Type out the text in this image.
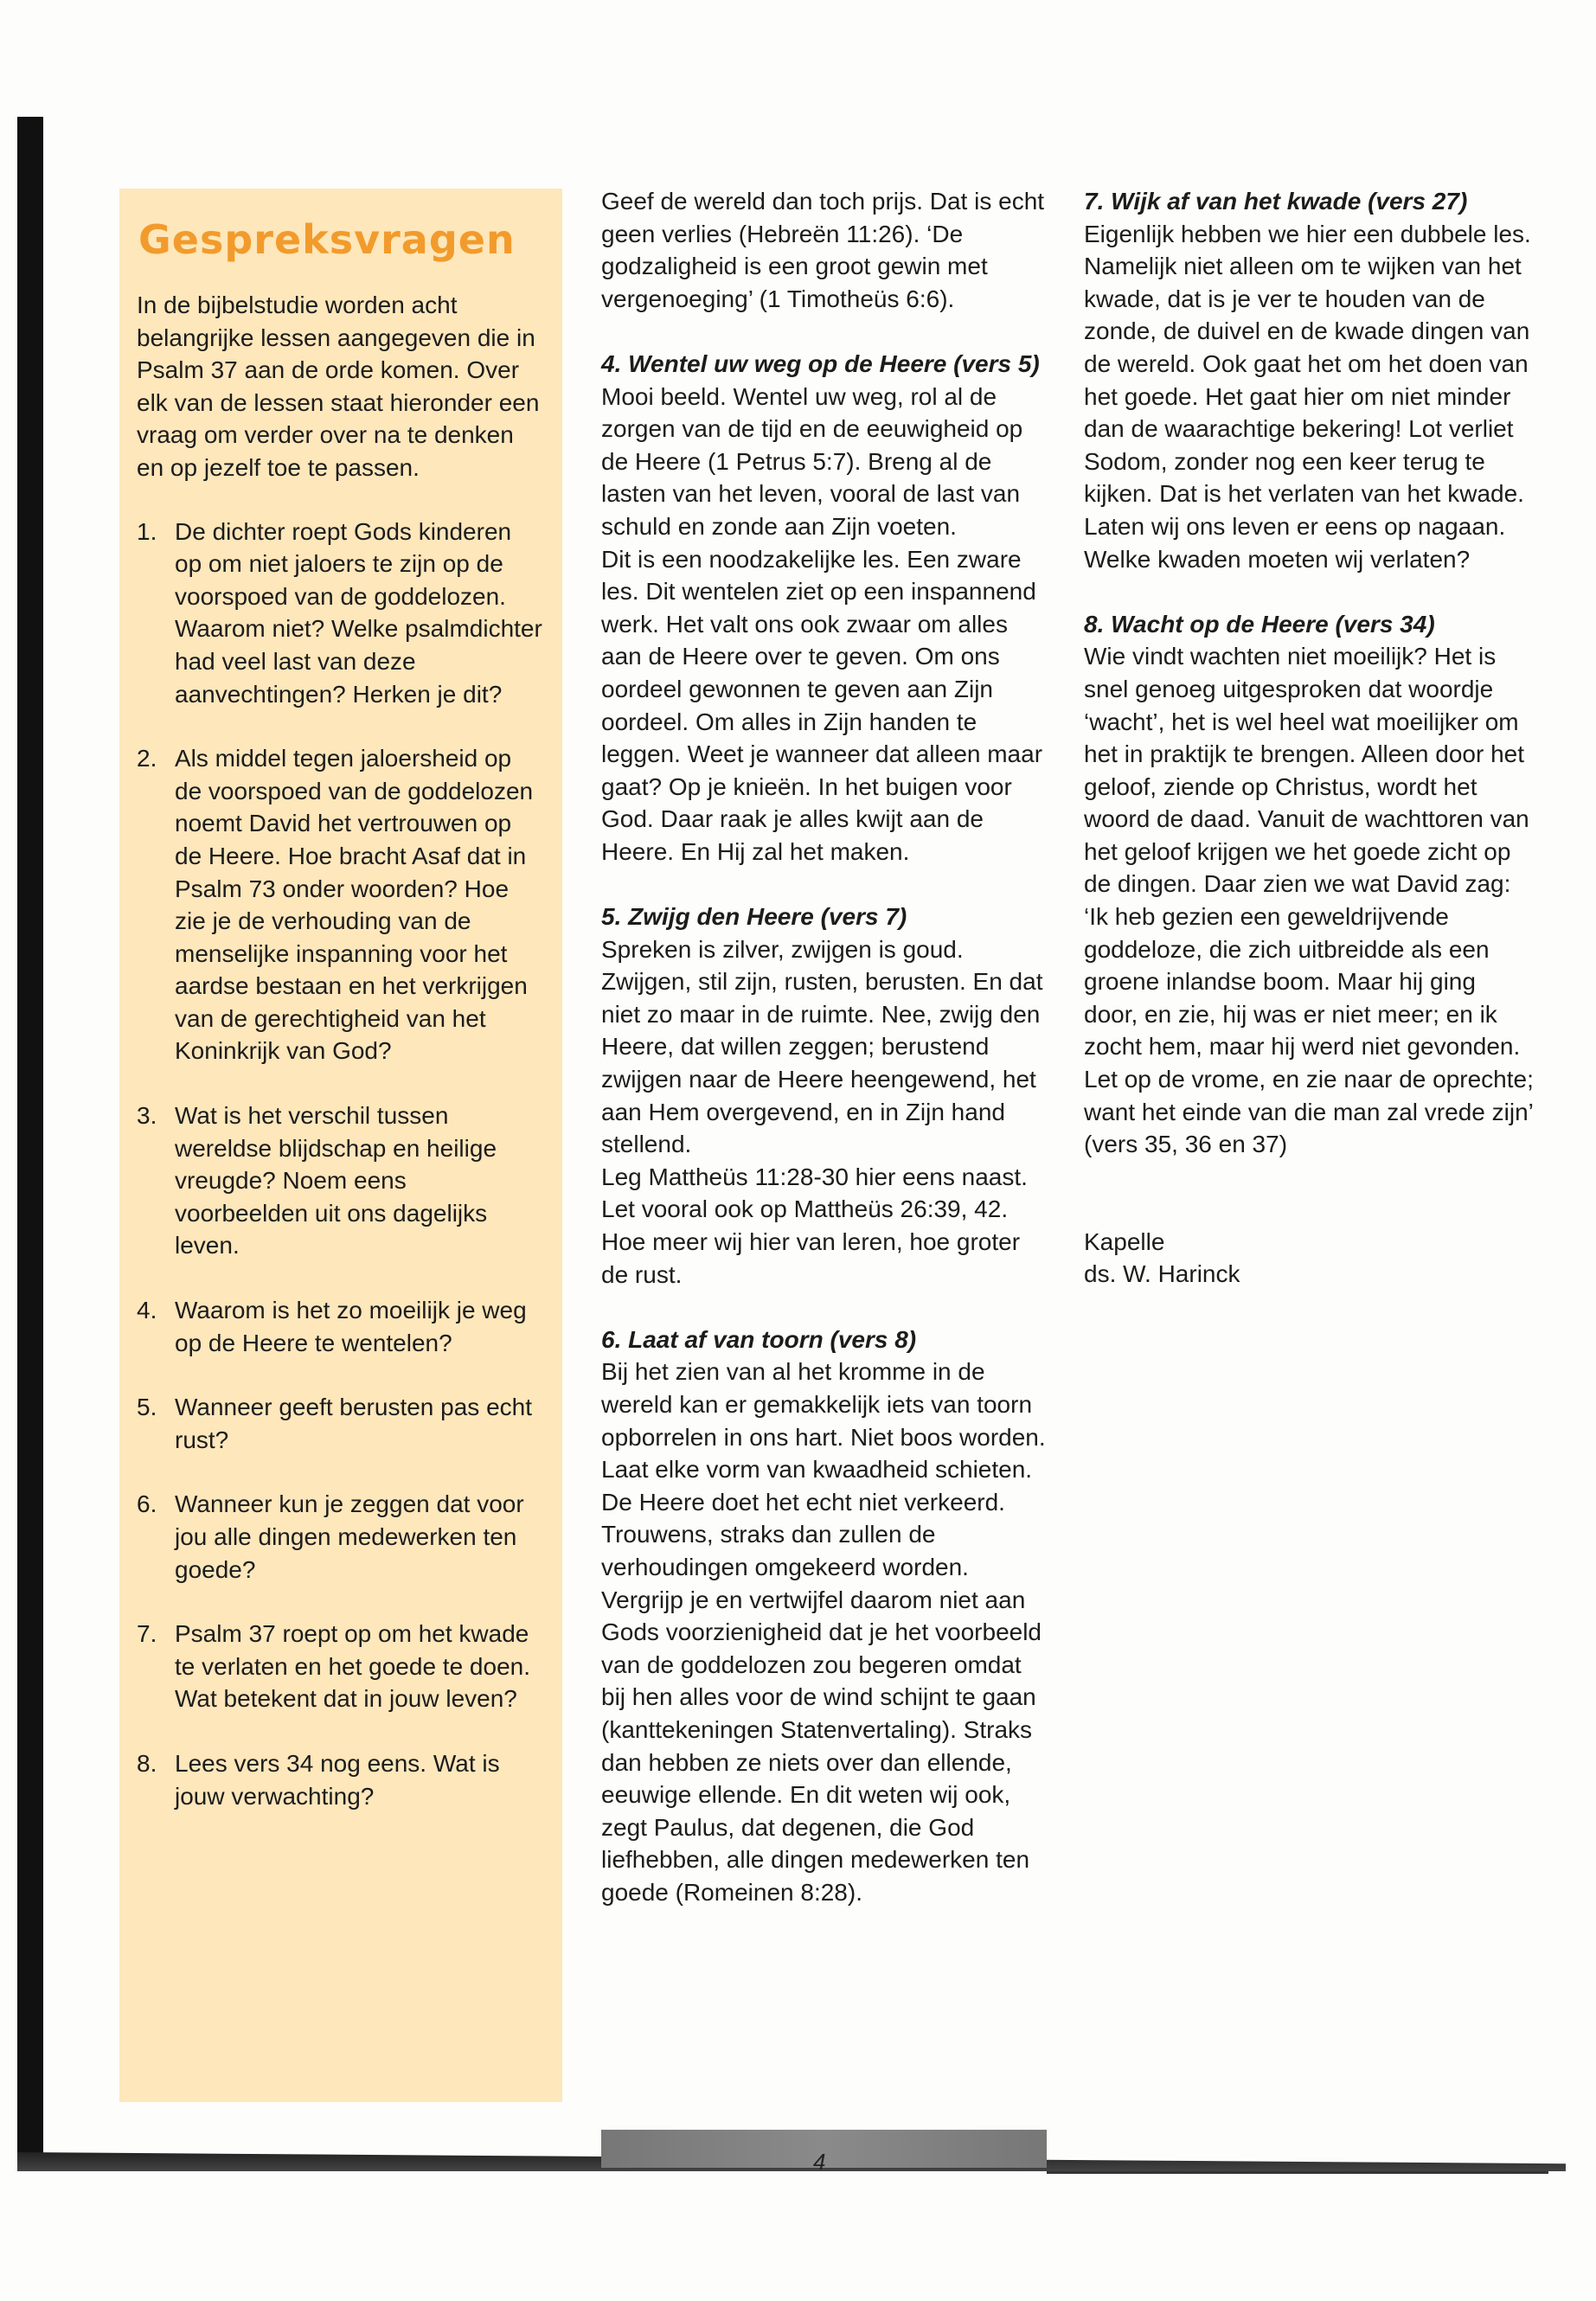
Gespreksvragen

In de bijbelstudie worden acht belangrijke lessen aangegeven die in Psalm 37 aan de orde komen. Over elk van de lessen staat hieronder een vraag om verder over na te denken en op jezelf toe te passen.

1. De dichter roept Gods kinderen op om niet jaloers te zijn op de voorspoed van de goddelozen. Waarom niet? Welke psalmdichter had veel last van deze aanvechtingen? Herken je dit?
2. Als middel tegen jaloersheid op de voorspoed van de goddelozen noemt David het vertrouwen op de Heere. Hoe bracht Asaf dat in Psalm 73 onder woorden? Hoe zie je de verhouding van de menselijke inspanning voor het aardse bestaan en het verkrijgen van de gerechtigheid van het Koninkrijk van God?
3. Wat is het verschil tussen wereldse blijdschap en heilige vreugde? Noem eens voorbeelden uit ons dagelijks leven.
4. Waarom is het zo moeilijk je weg op de Heere te wentelen?
5. Wanneer geeft berusten pas echt rust?
6. Wanneer kun je zeggen dat voor jou alle dingen medewerken ten goede?
7. Psalm 37 roept op om het kwade te verlaten en het goede te doen. Wat betekent dat in jouw leven?
8. Lees vers 34 nog eens. Wat is jouw verwachting?

Geef de wereld dan toch prijs. Dat is echt geen verlies (Hebreën 11:26). ‘De godzaligheid is een groot gewin met vergenoeging’ (1 Timotheüs 6:6).

4. Wentel uw weg op de Heere (vers 5)

Mooi beeld. Wentel uw weg, rol al de zorgen van de tijd en de eeuwigheid op de Heere (1 Petrus 5:7). Breng al de lasten van het leven, vooral de last van schuld en zonde aan Zijn voeten.

Dit is een noodzakelijke les. Een zware les. Dit wentelen ziet op een inspannend werk. Het valt ons ook zwaar om alles aan de Heere over te geven. Om ons oordeel gewonnen te geven aan Zijn oordeel. Om alles in Zijn handen te leggen. Weet je wanneer dat alleen maar gaat? Op je knieën. In het buigen voor God. Daar raak je alles kwijt aan de Heere. En Hij zal het maken.

5. Zwijg den Heere (vers 7)

Spreken is zilver, zwijgen is goud. Zwijgen, stil zijn, rusten, berusten. En dat niet zo maar in de ruimte. Nee, zwijg den Heere, dat willen zeggen; berustend zwijgen naar de Heere heengewend, het aan Hem overgevend, en in Zijn hand stellend.

Leg Mattheüs 11:28-30 hier eens naast. Let vooral ook op Mattheüs 26:39, 42. Hoe meer wij hier van leren, hoe groter de rust.

6. Laat af van toorn (vers 8)

Bij het zien van al het kromme in de wereld kan er gemakkelijk iets van toorn opborrelen in ons hart. Niet boos worden. Laat elke vorm van kwaadheid schieten. De Heere doet het echt niet verkeerd. Trouwens, straks dan zullen de verhoudingen omgekeerd worden. Vergrijp je en vertwijfel daarom niet aan Gods voorzienigheid dat je het voorbeeld van de goddelozen zou begeren omdat bij hen alles voor de wind schijnt te gaan (kanttekeningen Statenvertaling). Straks dan hebben ze niets over dan ellende, eeuwige ellende. En dit weten wij ook, zegt Paulus, dat degenen, die God liefhebben, alle dingen medewerken ten goede (Romeinen 8:28).

7. Wijk af van het kwade (vers 27)

Eigenlijk hebben we hier een dubbele les. Namelijk niet alleen om te wijken van het kwade, dat is je ver te houden van de zonde, de duivel en de kwade dingen van de wereld. Ook gaat het om het doen van het goede. Het gaat hier om niet minder dan de waarachtige bekering! Lot verliet Sodom, zonder nog een keer terug te kijken. Dat is het verlaten van het kwade. Laten wij ons leven er eens op nagaan. Welke kwaden moeten wij verlaten?

8. Wacht op de Heere (vers 34)

Wie vindt wachten niet moeilijk? Het is snel genoeg uitgesproken dat woordje ‘wacht’, het is wel heel wat moeilijker om het in praktijk te brengen. Alleen door het geloof, ziende op Christus, wordt het woord de daad. Vanuit de wachttoren van het geloof krijgen we het goede zicht op de dingen. Daar zien we wat David zag: ‘Ik heb gezien een geweldrijvende goddeloze, die zich uitbreidde als een groene inlandse boom. Maar hij ging door, en zie, hij was er niet meer; en ik zocht hem, maar hij werd niet gevonden. Let op de vrome, en zie naar de oprechte; want het einde van die man zal vrede zijn’ (vers 35, 36 en 37)

Kapelle

ds. W. Harinck

4
